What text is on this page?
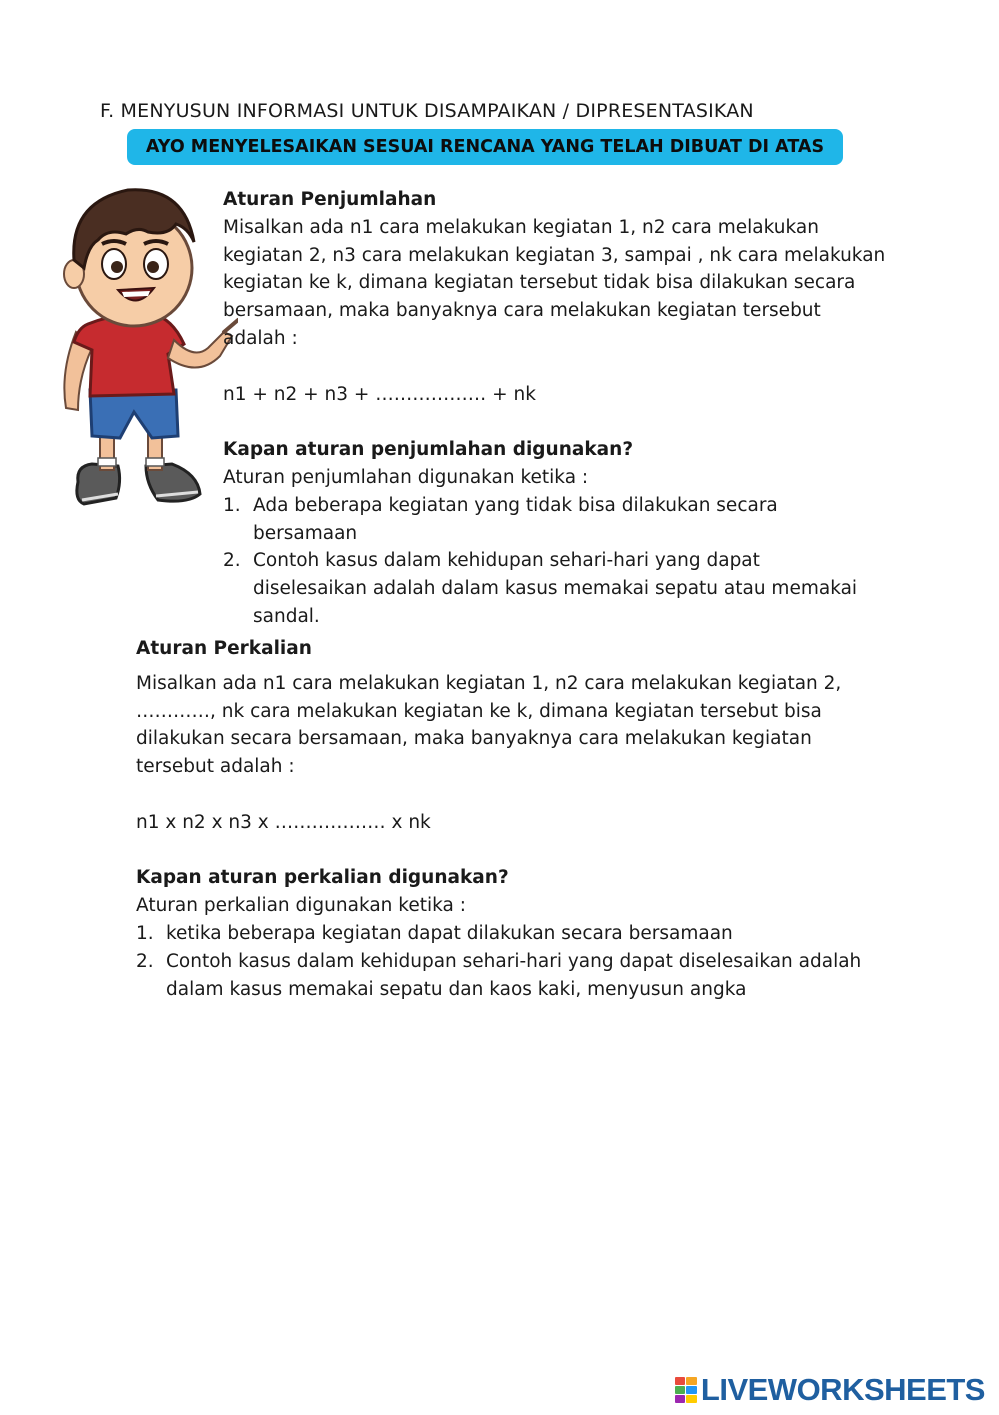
F. MENYUSUN INFORMASI UNTUK DISAMPAIKAN / DIPRESENTASIKAN
AYO MENYELESAIKAN SESUAI RENCANA YANG TELAH DIBUAT DI ATAS

Aturan Penjumlahan

Misalkan ada n1 cara melakukan kegiatan 1, n2 cara melakukan

kegiatan 2, n3 cara melakukan kegiatan 3, sampai , nk cara melakukan

kegiatan ke k, dimana kegiatan tersebut tidak bisa dilakukan secara

bersamaan, maka banyaknya cara melakukan kegiatan tersebut

adalah :

n1 + n2 + n3 + ……………… + nk

Kapan aturan penjumlahan digunakan?

Aturan penjumlahan digunakan ketika :

1. Ada beberapa kegiatan yang tidak bisa dilakukan secara
bersamaan
2. Contoh kasus dalam kehidupan sehari-hari yang dapat
diselesaikan adalah dalam kasus memakai sepatu atau memakai
sandal.

Aturan Perkalian

Misalkan ada n1 cara melakukan kegiatan 1, n2 cara melakukan kegiatan 2,

…………, nk cara melakukan kegiatan ke k, dimana kegiatan tersebut bisa

dilakukan secara bersamaan, maka banyaknya cara melakukan kegiatan

tersebut adalah :

n1 x n2 x n3 x ……………… x nk

Kapan aturan perkalian digunakan?

Aturan perkalian digunakan ketika :

1. ketika beberapa kegiatan dapat dilakukan secara bersamaan
2. Contoh kasus dalam kehidupan sehari-hari yang dapat diselesaikan adalah
dalam kasus memakai sepatu dan kaos kaki, menyusun angka
LIVEWORKSHEETS
